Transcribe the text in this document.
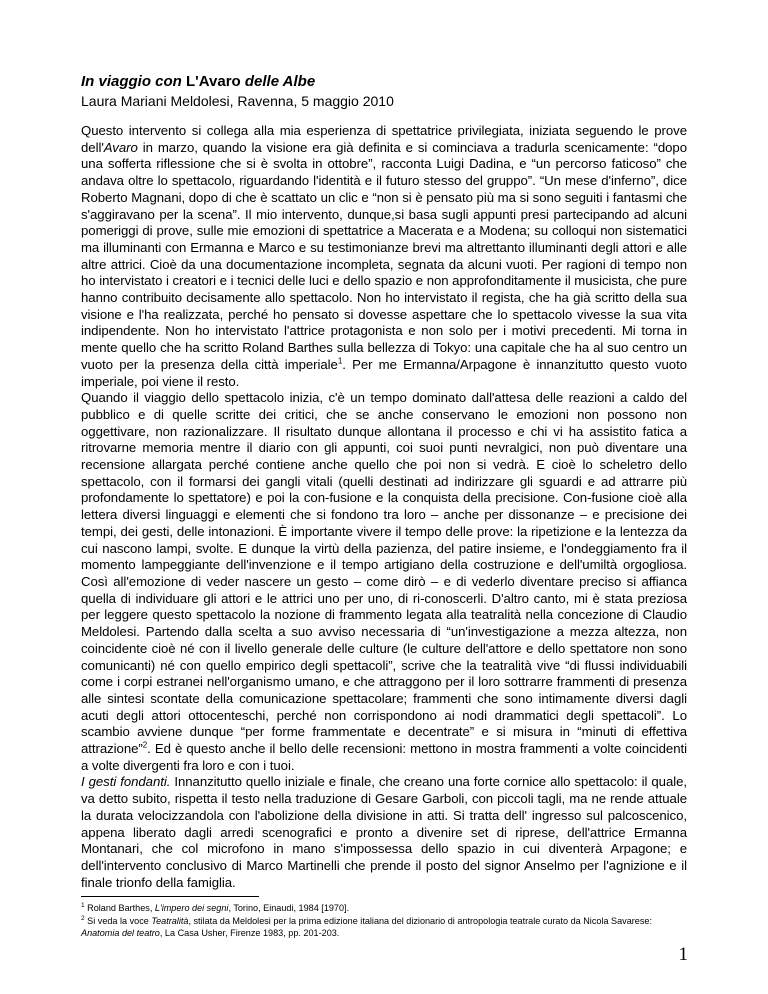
In viaggio con L'Avaro delle Albe
Laura Mariani Meldolesi, Ravenna, 5 maggio 2010

Questo intervento si collega alla mia esperienza di spettatrice privilegiata, iniziata seguendo le prove dell'Avaro in marzo, quando la visione era già definita e si cominciava a tradurla scenicamente: “dopo una sofferta riflessione che si è svolta in ottobre”, racconta Luigi Dadina, e “un percorso faticoso” che andava oltre lo spettacolo, riguardando l'identità e il futuro stesso del gruppo”. “Un mese d'inferno”, dice Roberto Magnani, dopo di che è scattato un clic e “non si è pensato più ma si sono seguiti i fantasmi che s'aggiravano per la scena”. Il mio intervento, dunque,si basa sugli appunti presi partecipando ad alcuni pomeriggi di prove, sulle mie emozioni di spettatrice a Macerata e a Modena; su colloqui non sistematici ma illuminanti con Ermanna e Marco e su testimonianze brevi ma altrettanto illuminanti degli attori e alle altre attrici. Cioè da una documentazione incompleta, segnata da alcuni vuoti. Per ragioni di tempo non ho intervistato i creatori e i tecnici delle luci e dello spazio e non approfonditamente il musicista, che pure hanno contribuito decisamente allo spettacolo. Non ho intervistato il regista, che ha già scritto della sua visione e l'ha realizzata, perché ho pensato si dovesse aspettare che lo spettacolo vivesse la sua vita indipendente. Non ho intervistato l'attrice protagonista e non solo per i motivi precedenti. Mi torna in mente quello che ha scritto Roland Barthes sulla bellezza di Tokyo: una capitale che ha al suo centro un vuoto per la presenza della città imperiale$^1$. Per me Ermanna/Arpagone è innanzitutto questo vuoto imperiale, poi viene il resto.

Quando il viaggio dello spettacolo inizia, c'è un tempo dominato dall'attesa delle reazioni a caldo del pubblico e di quelle scritte dei critici, che se anche conservano le emozioni non possono non oggettivare, non razionalizzare. Il risultato dunque allontana il processo e chi vi ha assistito fatica a ritrovarne memoria mentre il diario con gli appunti, coi suoi punti nevralgici, non può diventare una recensione allargata perché contiene anche quello che poi non si vedrà. E cioè lo scheletro dello spettacolo, con il formarsi dei gangli vitali (quelli destinati ad indirizzare gli sguardi e ad attrarre più profondamente lo spettatore) e poi la con-fusione e la conquista della precisione. Con-fusione cioè alla lettera diversi linguaggi e elementi che si fondono tra loro – anche per dissonanze – e precisione dei tempi, dei gesti, delle intonazioni. È importante vivere il tempo delle prove: la ripetizione e la lentezza da cui nascono lampi, svolte. E dunque la virtù della pazienza, del patire insieme, e l'ondeggiamento fra il momento lampeggiante dell'invenzione e il tempo artigiano della costruzione e dell'umiltà orgogliosa. Così all'emozione di veder nascere un gesto – come dirò – e di vederlo diventare preciso si affianca quella di individuare gli attori e le attrici uno per uno, di ri-conoscerli. D'altro canto, mi è stata preziosa per leggere questo spettacolo la nozione di frammento legata alla teatralità nella concezione di Claudio Meldolesi. Partendo dalla scelta a suo avviso necessaria di “un'investigazione a mezza altezza, non coincidente cioè né con il livello generale delle culture (le culture dell'attore e dello spettatore non sono comunicanti) né con quello empirico degli spettacoli”, scrive che la teatralità vive “di flussi individuabili come i corpi estranei nell'organismo umano, e che attraggono per il loro sottrarre frammenti di presenza alle sintesi scontate della comunicazione spettacolare; frammenti che sono intimamente diversi dagli acuti degli attori ottocenteschi, perché non corrispondono ai nodi drammatici degli spettacoli”. Lo scambio avviene dunque “per forme frammentate e decentrate” e si misura in “minuti di effettiva attrazione”$^2$. Ed è questo anche il bello delle recensioni: mettono in mostra frammenti a volte coincidenti a volte divergenti fra loro e con i tuoi.

I gesti fondanti. Innanzitutto quello iniziale e finale, che creano una forte cornice allo spettacolo: il quale, va detto subito, rispetta il testo nella traduzione di Gesare Garboli, con piccoli tagli, ma ne rende attuale la durata velocizzandola con l'abolizione della divisione in atti. Si tratta dell' ingresso sul palcoscenico, appena liberato dagli arredi scenografici e pronto a divenire set di riprese, dell'attrice Ermanna Montanari, che col microfono in mano s'impossessa dello spazio in cui diventerà Arpagone; e dell'intervento conclusivo di Marco Martinelli che prende il posto del signor Anselmo per l'agnizione e il finale trionfo della famiglia.

$^1$ Roland Barthes, L'impero dei segni, Torino, Einaudi, 1984 [1970].

$^2$ Si veda la voce Teatralità, stilata da Meldolesi per la prima edizione italiana del dizionario di antropologia teatrale curato da Nicola Savarese: Anatomia del teatro, La Casa Usher, Firenze 1983, pp. 201-203.

1
